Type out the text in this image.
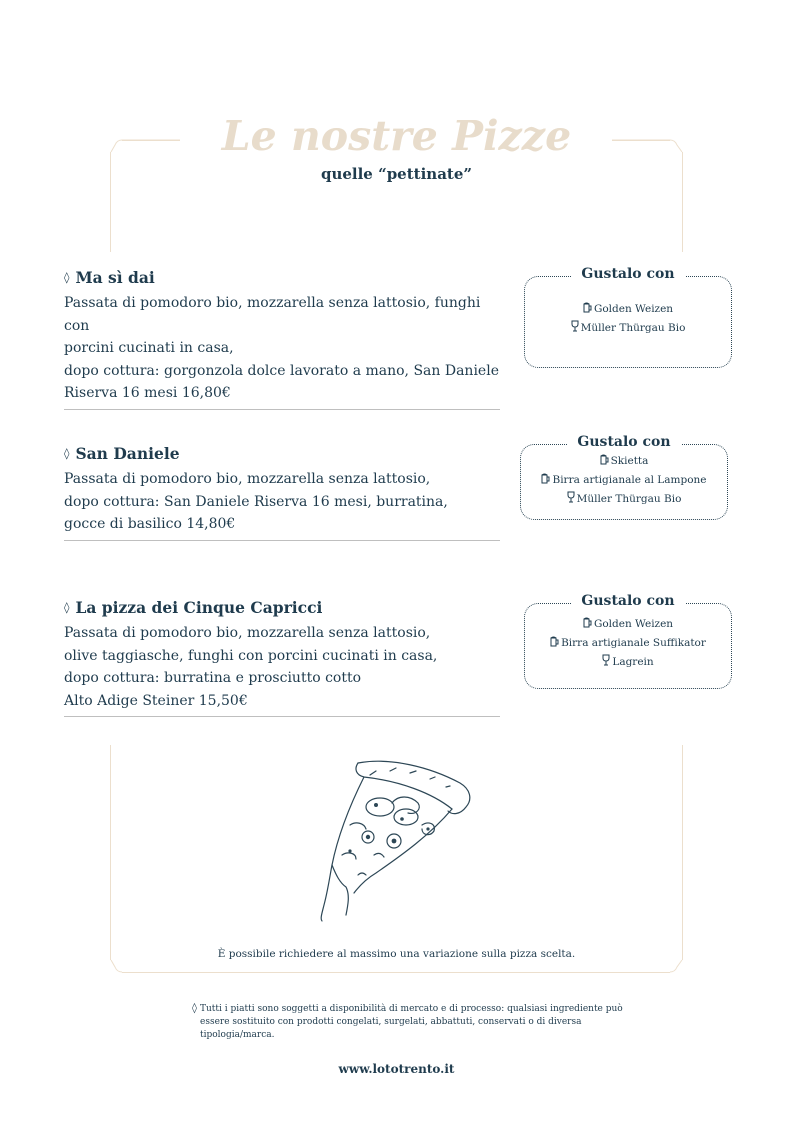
Le nostre Pizze
quelle “pettinate”
◊ Ma sì dai
Passata di pomodoro bio, mozzarella senza lattosio, funghi con
porcini cucinati in casa,
dopo cottura: gorgonzola dolce lavorato a mano, San Daniele
Riserva 16 mesi 16,80€
Gustalo con
Golden Weizen
Müller Thürgau Bio
◊ San Daniele
Passata di pomodoro bio, mozzarella senza lattosio,
dopo cottura: San Daniele Riserva 16 mesi, burratina,
gocce di basilico 14,80€
Gustalo con
Skietta
Birra artigianale al Lampone
Müller Thürgau Bio
◊ La pizza dei Cinque Capricci
Passata di pomodoro bio, mozzarella senza lattosio,
olive taggiasche, funghi con porcini cucinati in casa,
dopo cottura: burratina e prosciutto cotto
Alto Adige Steiner 15,50€
Gustalo con
Golden Weizen
Birra artigianale Suffikator
Lagrein
È possibile richiedere al massimo una variazione sulla pizza scelta.
◊ Tutti i piatti sono soggetti a disponibilità di mercato e di processo: qualsiasi ingrediente può essere sostituito con prodotti congelati, surgelati, abbattuti, conservati o di diversa tipologia/marca.
www.lototrento.it
